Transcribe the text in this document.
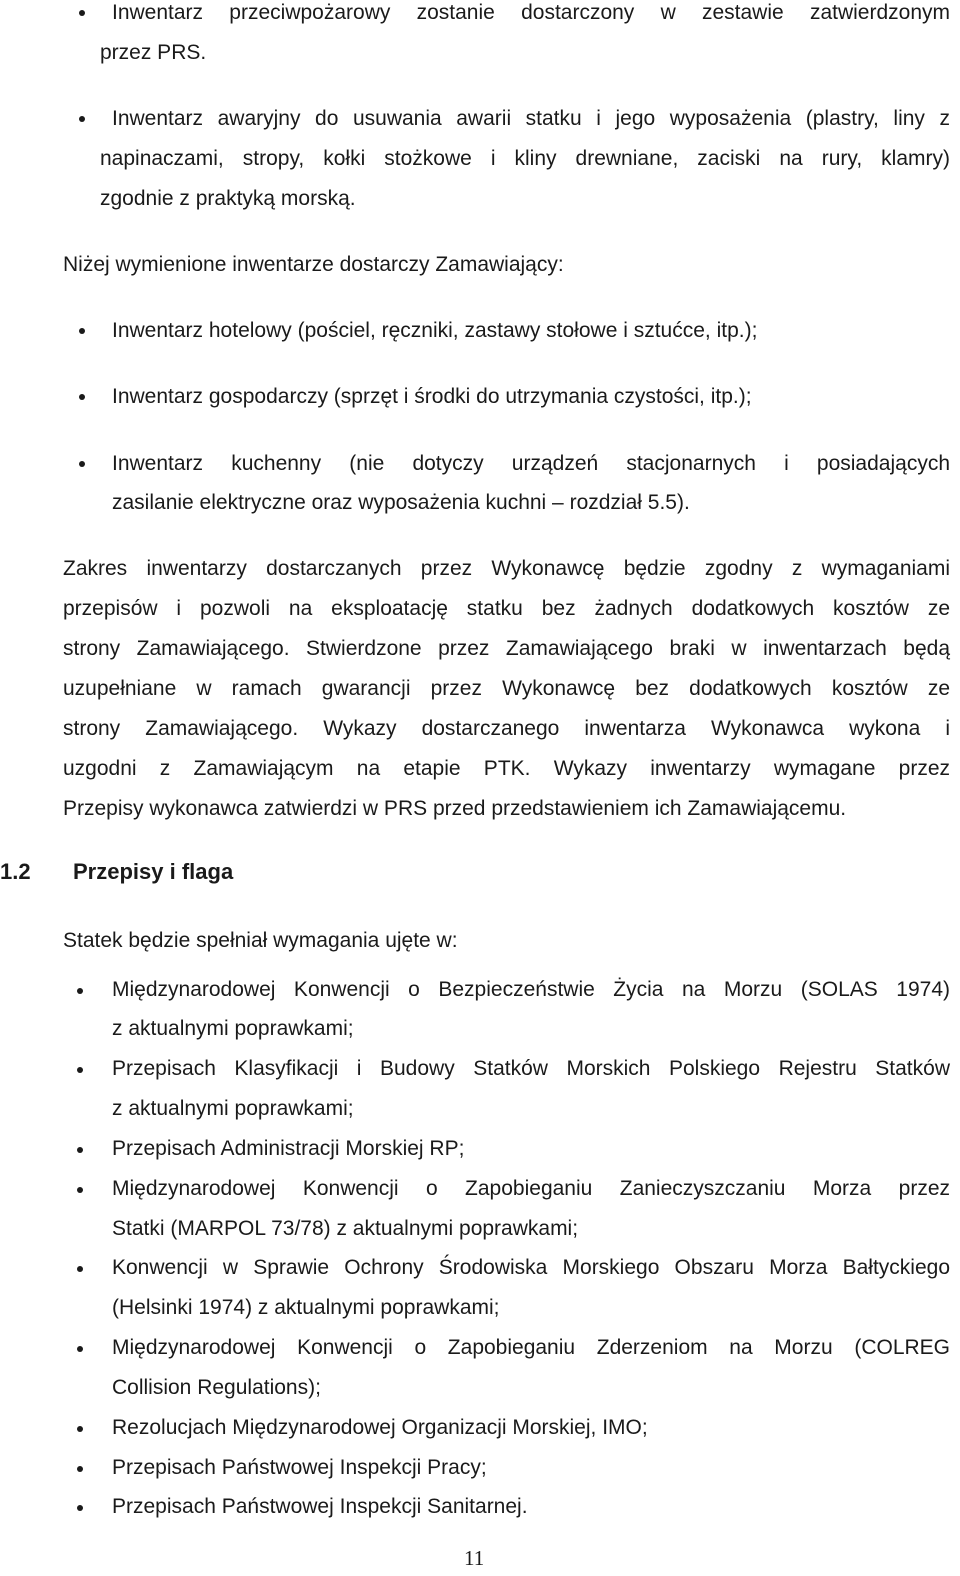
Inwentarz przeciwpożarowy zostanie dostarczony w zestawie zatwierdzonym
przez PRS.
Inwentarz awaryjny do usuwania awarii statku i jego wyposażenia (plastry, liny z
napinaczami, stropy, kołki stożkowe i kliny drewniane, zaciski na rury, klamry)
zgodnie z praktyką morską.
Niżej wymienione inwentarze dostarczy Zamawiający:
Inwentarz hotelowy (pościel, ręczniki, zastawy stołowe i sztućce, itp.);
Inwentarz gospodarczy (sprzęt i środki do utrzymania czystości, itp.);
Inwentarz kuchenny (nie dotyczy urządzeń stacjonarnych i posiadających
zasilanie elektryczne oraz wyposażenia kuchni – rozdział 5.5).
Zakres inwentarzy dostarczanych przez Wykonawcę będzie zgodny z wymaganiami
przepisów i pozwoli na eksploatację statku bez żadnych dodatkowych kosztów ze
strony Zamawiającego. Stwierdzone przez Zamawiającego braki w inwentarzach będą
uzupełniane w ramach gwarancji przez Wykonawcę bez dodatkowych kosztów ze
strony Zamawiającego. Wykazy dostarczanego inwentarza Wykonawca wykona i
uzgodni z Zamawiającym na etapie PTK. Wykazy inwentarzy wymagane przez
Przepisy wykonawca zatwierdzi w PRS przed przedstawieniem ich Zamawiającemu.
1.2 Przepisy i flaga
Statek będzie spełniał wymagania ujęte w:
Międzynarodowej Konwencji o Bezpieczeństwie Życia na Morzu (SOLAS 1974)
z aktualnymi poprawkami;
Przepisach Klasyfikacji i Budowy Statków Morskich Polskiego Rejestru Statków
z aktualnymi poprawkami;
Przepisach Administracji Morskiej RP;
Międzynarodowej Konwencji o Zapobieganiu Zanieczyszczaniu Morza przez
Statki (MARPOL 73/78) z aktualnymi poprawkami;
Konwencji w Sprawie Ochrony Środowiska Morskiego Obszaru Morza Bałtyckiego
(Helsinki 1974) z aktualnymi poprawkami;
Międzynarodowej Konwencji o Zapobieganiu Zderzeniom na Morzu (COLREG
Collision Regulations);
Rezolucjach Międzynarodowej Organizacji Morskiej, IMO;
Przepisach Państwowej Inspekcji Pracy;
Przepisach Państwowej Inspekcji Sanitarnej.
11
